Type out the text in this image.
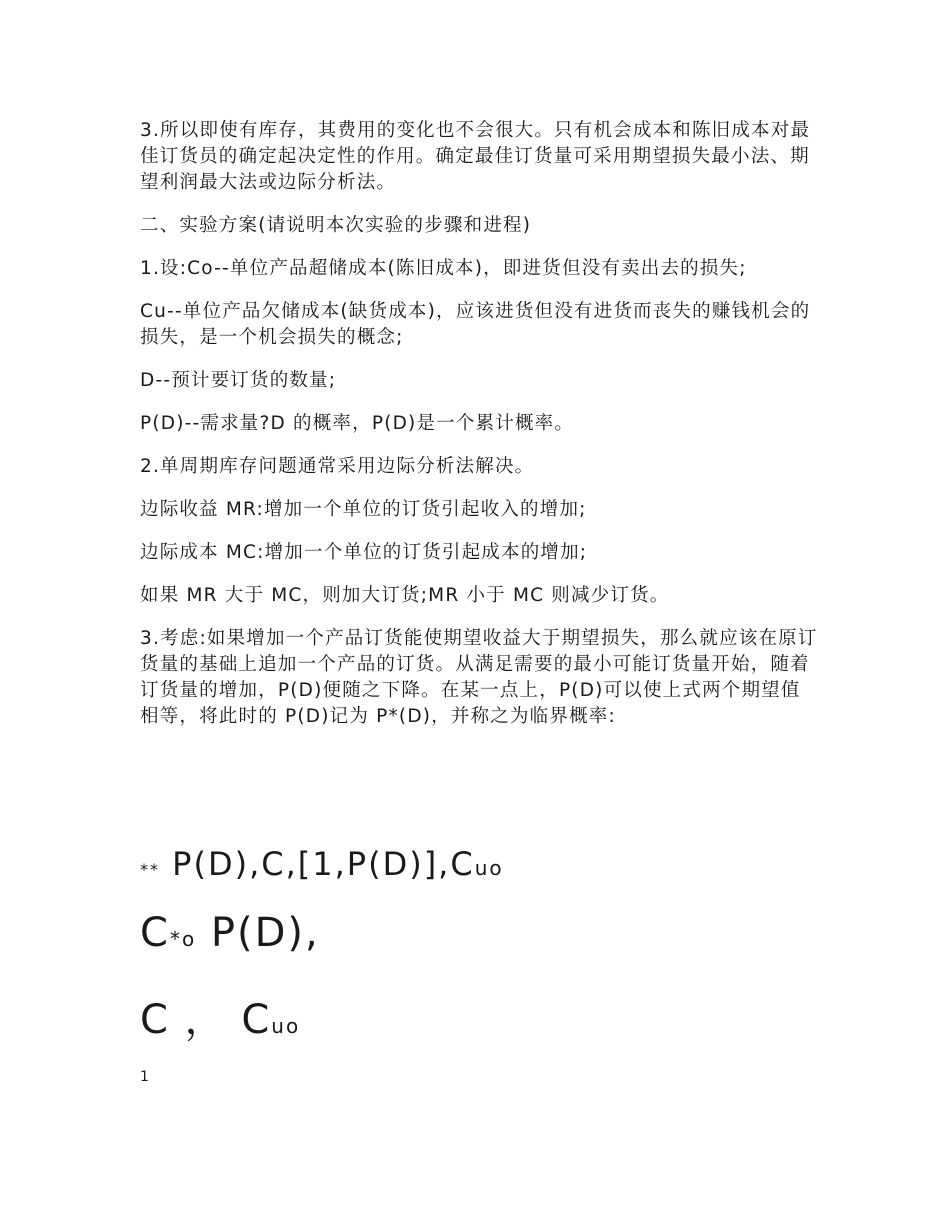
3.所以即使有库存，其费用的变化也不会很大。只有机会成本和陈旧成本对最佳订货员的确定起决定性的作用。确定最佳订货量可采用期望损失最小法、期望利润最大法或边际分析法。

二、实验方案(请说明本次实验的步骤和进程)

1.设:Co--单位产品超储成本(陈旧成本)，即进货但没有卖出去的损失;

Cu--单位产品欠储成本(缺货成本)，应该进货但没有进货而丧失的赚钱机会的损失，是一个机会损失的概念;

D--预计要订货的数量;

P(D)--需求量?D 的概率，P(D)是一个累计概率。

2.单周期库存问题通常采用边际分析法解决。

边际收益 MR:增加一个单位的订货引起收入的增加;

边际成本 MC:增加一个单位的订货引起成本的增加;

如果 MR 大于 MC，则加大订货;MR 小于 MC 则减少订货。

3.考虑:如果增加一个产品订货能使期望收益大于期望损失，那么就应该在原订货量的基础上追加一个产品的订货。从满足需要的最小可能订货量开始，随着订货量的增加，P(D)便随之下降。在某一点上，P(D)可以使上式两个期望值相等，将此时的 P(D)记为 P*(D)，并称之为临界概率:

** P(D),C,[1,P(D)],Cuo
C*o P(D),
C ， Cuo
1
